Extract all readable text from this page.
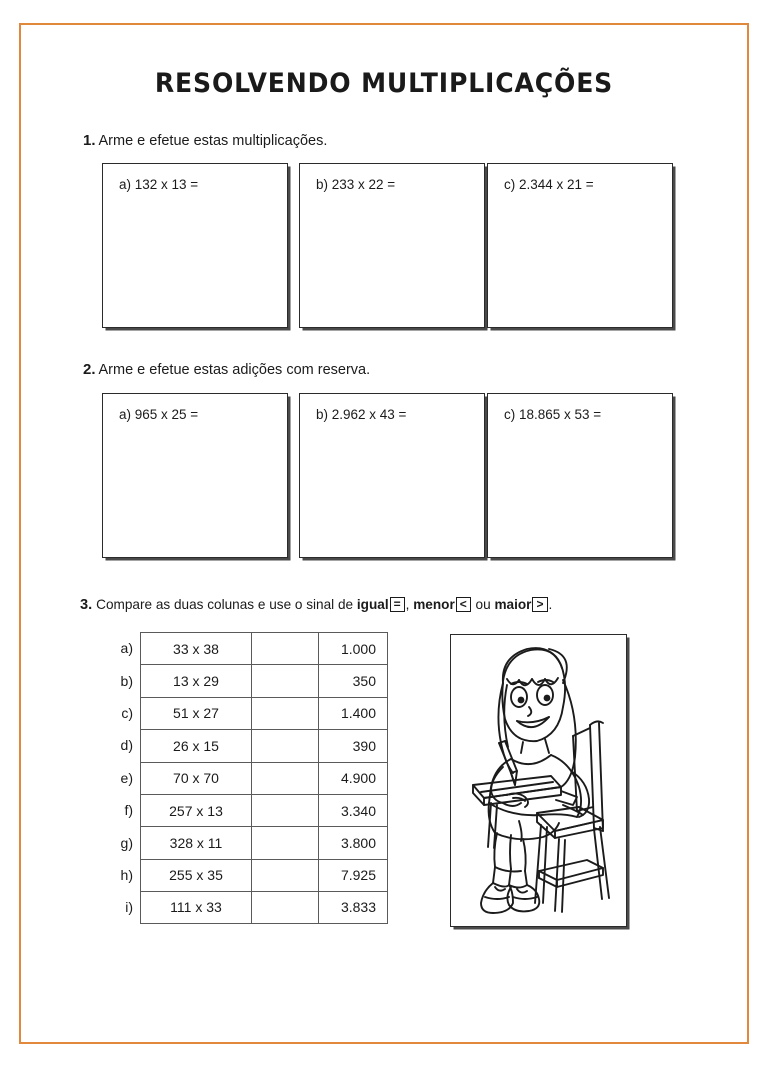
RESOLVENDO MULTIPLICAÇÕES
1. Arme e efetue estas multiplicações.
a) 132 x 13 =	b) 233 x 22 =	c) 2.344 x 21 =
2. Arme e efetue estas adições com reserva.
a) 965 x 25 =	b) 2.962 x 43 =	c) 18.865 x 53 =
3. Compare as duas colunas e use o sinal de igual = , menor < ou maior > .
a)	33 x 38	1.000
b)	13 x 29	350
c)	51 x 27	1.400
d)	26 x 15	390
e)	70 x 70	4.900
f)	257 x 13	3.340
g)	328 x 11	3.800
h)	255 x 35	7.925
i)	111 x 33	3.833
